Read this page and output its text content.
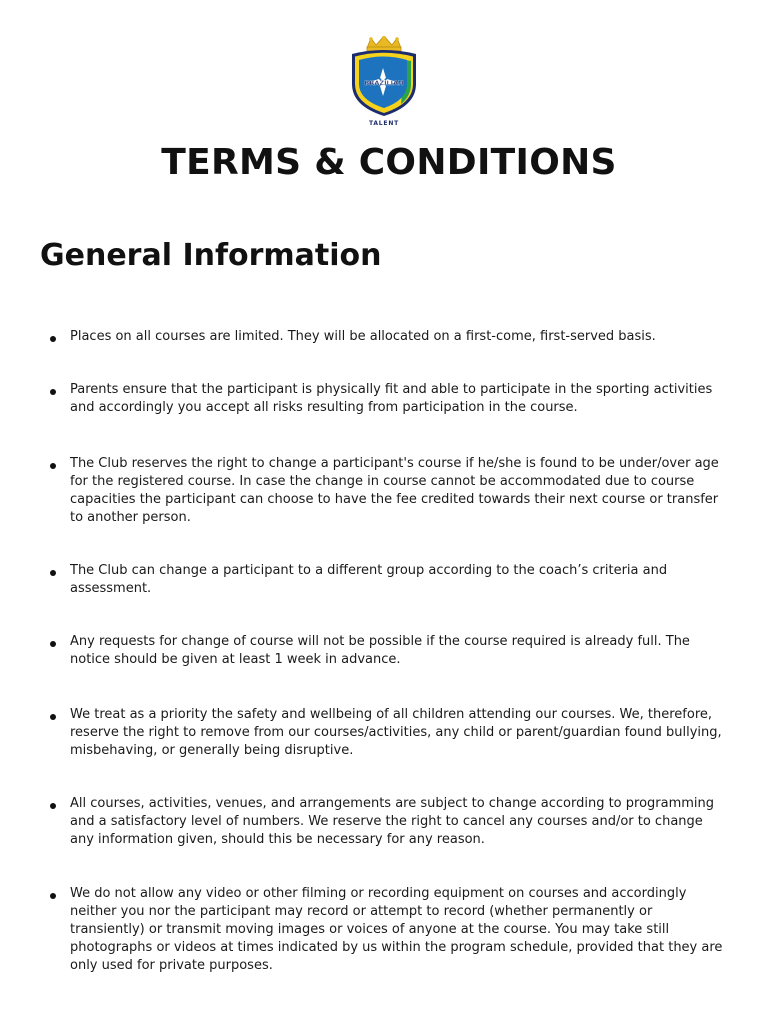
BRAZILIAN
TALENT
TERMS & CONDITIONS
General Information
Places on all courses are limited. They will be allocated on a first-come, first-served basis.
Parents ensure that the participant is physically fit and able to participate in the sporting activities and accordingly you accept all risks resulting from participation in the course.
The Club reserves the right to change a participant's course if he/she is found to be under/over age for the registered course. In case the change in course cannot be accommodated due to course capacities the participant can choose to have the fee credited towards their next course or transfer to another person.
The Club can change a participant to a different group according to the coach’s criteria and assessment.
Any requests for change of course will not be possible if the course required is already full. The notice should be given at least 1 week in advance.
We treat as a priority the safety and wellbeing of all children attending our courses. We, therefore, reserve the right to remove from our courses/activities, any child or parent/guardian found bullying, misbehaving, or generally being disruptive.
All courses, activities, venues, and arrangements are subject to change according to programming and a satisfactory level of numbers. We reserve the right to cancel any courses and/or to change any information given, should this be necessary for any reason.
We do not allow any video or other filming or recording equipment on courses and accordingly neither you nor the participant may record or attempt to record (whether permanently or transiently) or transmit moving images or voices of anyone at the course. You may take still photographs or videos at times indicated by us within the program schedule, provided that they are only used for private purposes.
